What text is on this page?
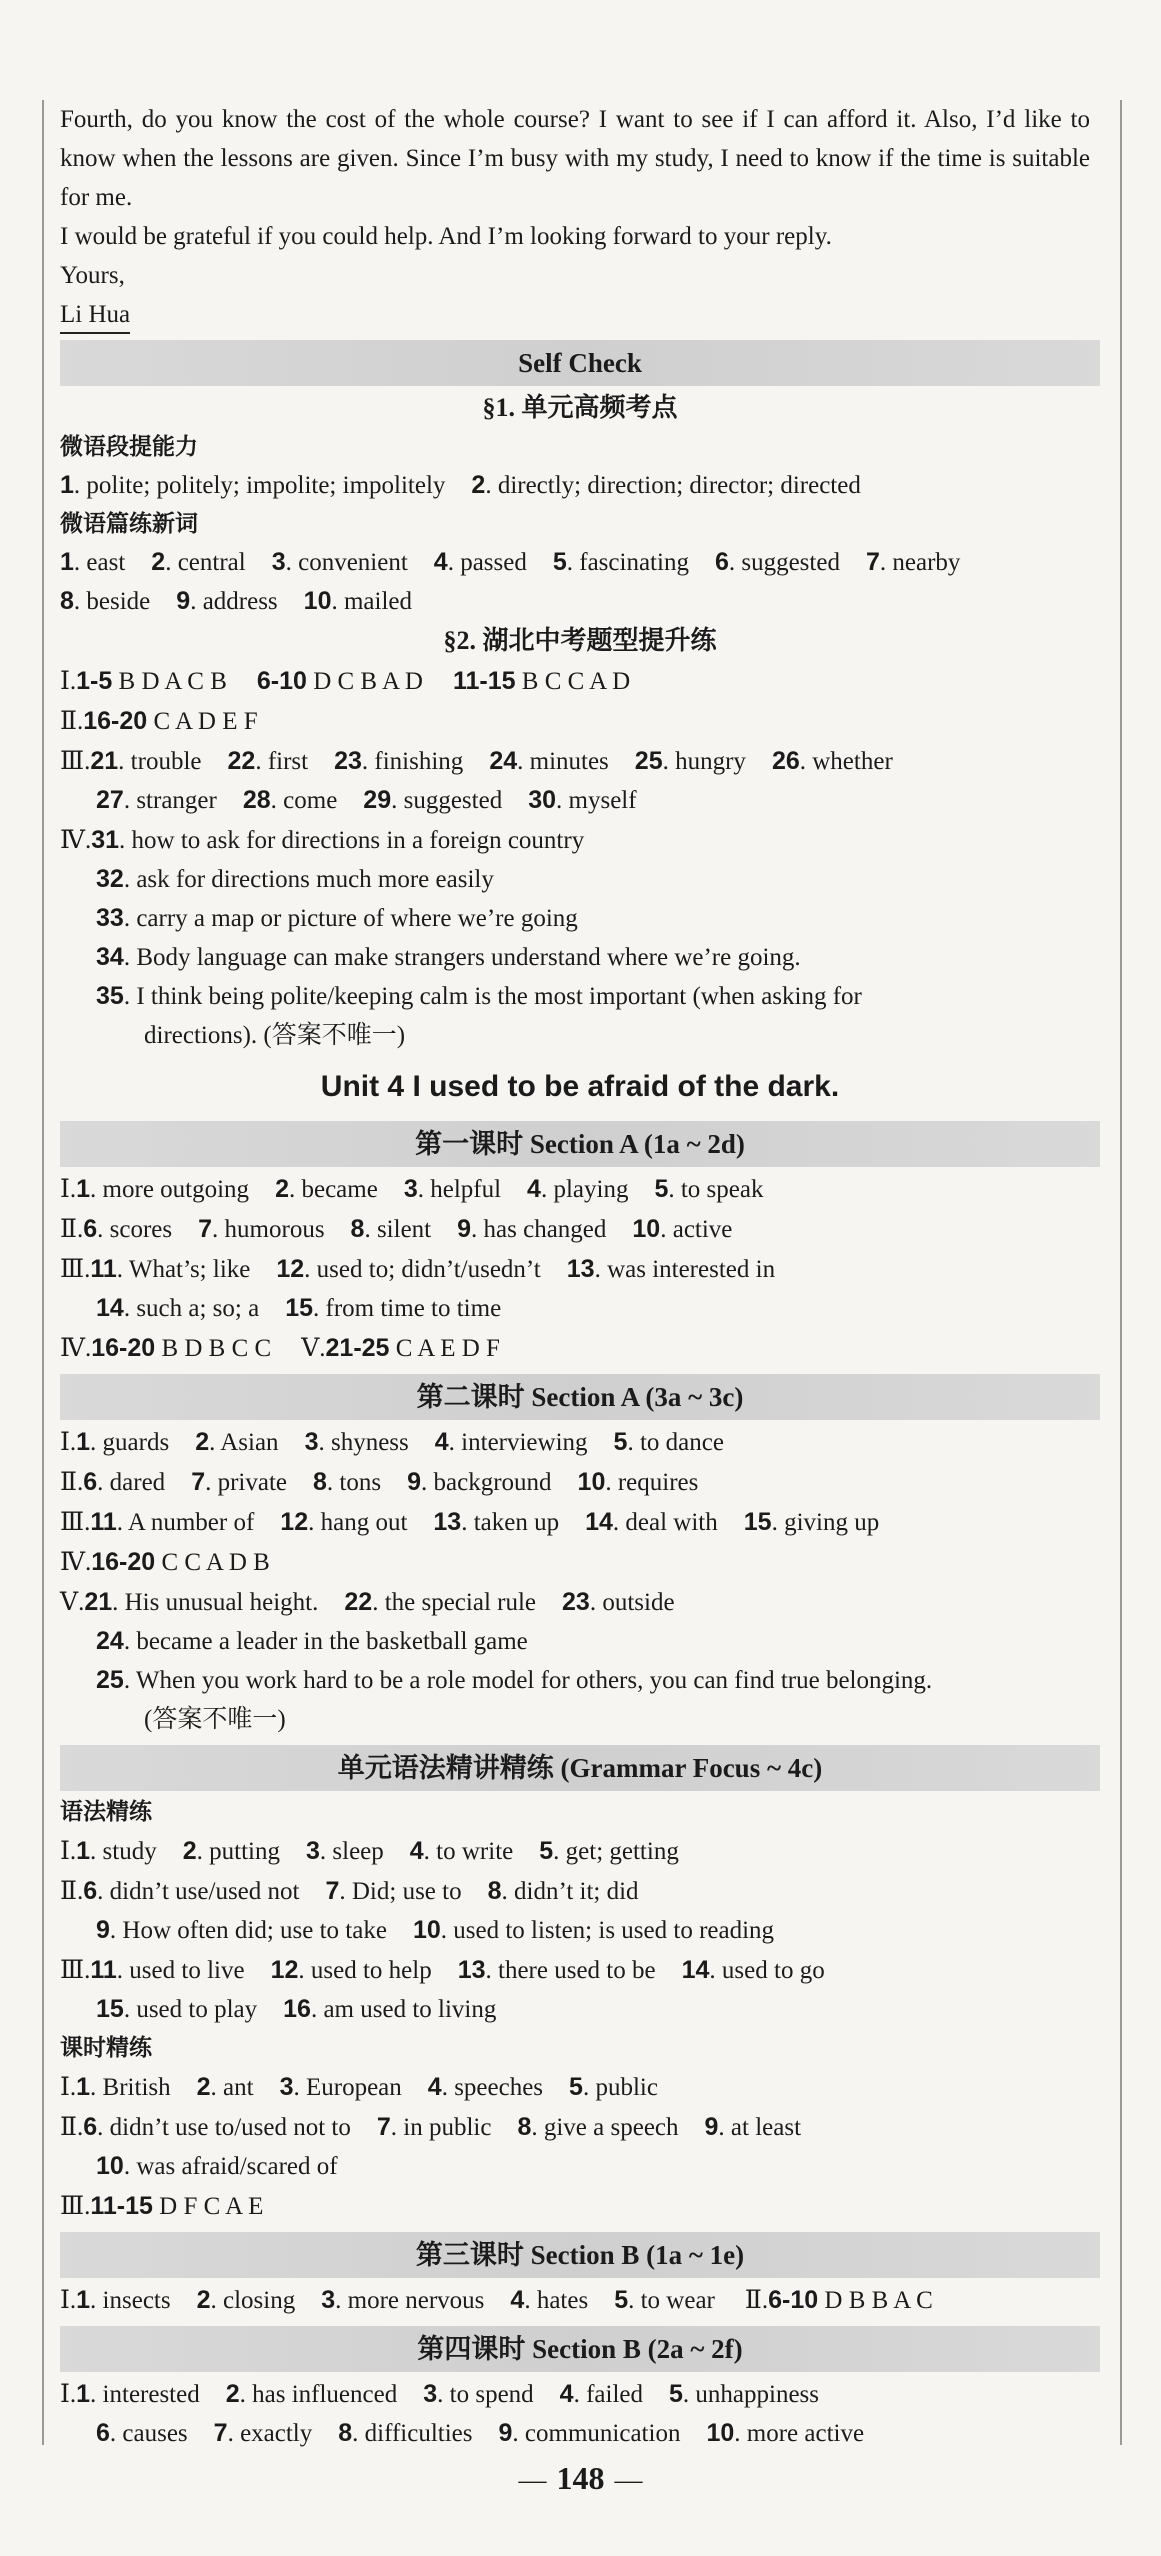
Fourth, do you know the cost of the whole course? I want to see if I can afford it. Also, I’d like to know when the lessons are given. Since I’m busy with my study, I need to know if the time is suitable for me.
I would be grateful if you could help. And I’m looking forward to your reply.
Yours,
Li Hua
Self Check
§1. 单元高频考点
微语段提能力
1. polite; politely; impolite; impolitely 2. directly; direction; director; directed
微语篇练新词
1. east 2. central 3. convenient 4. passed 5. fascinating 6. suggested 7. nearby
8. beside 9. address 10. mailed
§2. 湖北中考题型提升练
Ⅰ.1-5 B D A C B 6-10 D C B A D 11-15 B C C A D
Ⅱ.16-20 C A D E F
Ⅲ.21. trouble 22. first 23. finishing 24. minutes 25. hungry 26. whether
27. stranger 28. come 29. suggested 30. myself
Ⅳ.31. how to ask for directions in a foreign country
32. ask for directions much more easily
33. carry a map or picture of where we’re going
34. Body language can make strangers understand where we’re going.
35. I think being polite/keeping calm is the most important (when asking for
directions). (答案不唯一)
Unit 4 I used to be afraid of the dark.
第一课时 Section A (1a ~ 2d)
Ⅰ.1. more outgoing 2. became 3. helpful 4. playing 5. to speak
Ⅱ.6. scores 7. humorous 8. silent 9. has changed 10. active
Ⅲ.11. What’s; like 12. used to; didn’t/usedn’t 13. was interested in
14. such a; so; a 15. from time to time
Ⅳ.16-20 B D B C C Ⅴ.21-25 C A E D F
第二课时 Section A (3a ~ 3c)
Ⅰ.1. guards 2. Asian 3. shyness 4. interviewing 5. to dance
Ⅱ.6. dared 7. private 8. tons 9. background 10. requires
Ⅲ.11. A number of 12. hang out 13. taken up 14. deal with 15. giving up
Ⅳ.16-20 C C A D B
Ⅴ.21. His unusual height. 22. the special rule 23. outside
24. became a leader in the basketball game
25. When you work hard to be a role model for others, you can find true belonging.
(答案不唯一)
单元语法精讲精练 (Grammar Focus ~ 4c)
语法精练
Ⅰ.1. study 2. putting 3. sleep 4. to write 5. get; getting
Ⅱ.6. didn’t use/used not 7. Did; use to 8. didn’t it; did
9. How often did; use to take 10. used to listen; is used to reading
Ⅲ.11. used to live 12. used to help 13. there used to be 14. used to go
15. used to play 16. am used to living
课时精练
Ⅰ.1. British 2. ant 3. European 4. speeches 5. public
Ⅱ.6. didn’t use to/used not to 7. in public 8. give a speech 9. at least
10. was afraid/scared of
Ⅲ.11-15 D F C A E
第三课时 Section B (1a ~ 1e)
Ⅰ.1. insects 2. closing 3. more nervous 4. hates 5. to wear Ⅱ.6-10 D B B A C
第四课时 Section B (2a ~ 2f)
Ⅰ.1. interested 2. has influenced 3. to spend 4. failed 5. unhappiness
6. causes 7. exactly 8. difficulties 9. communication 10. more active
— 148 —
